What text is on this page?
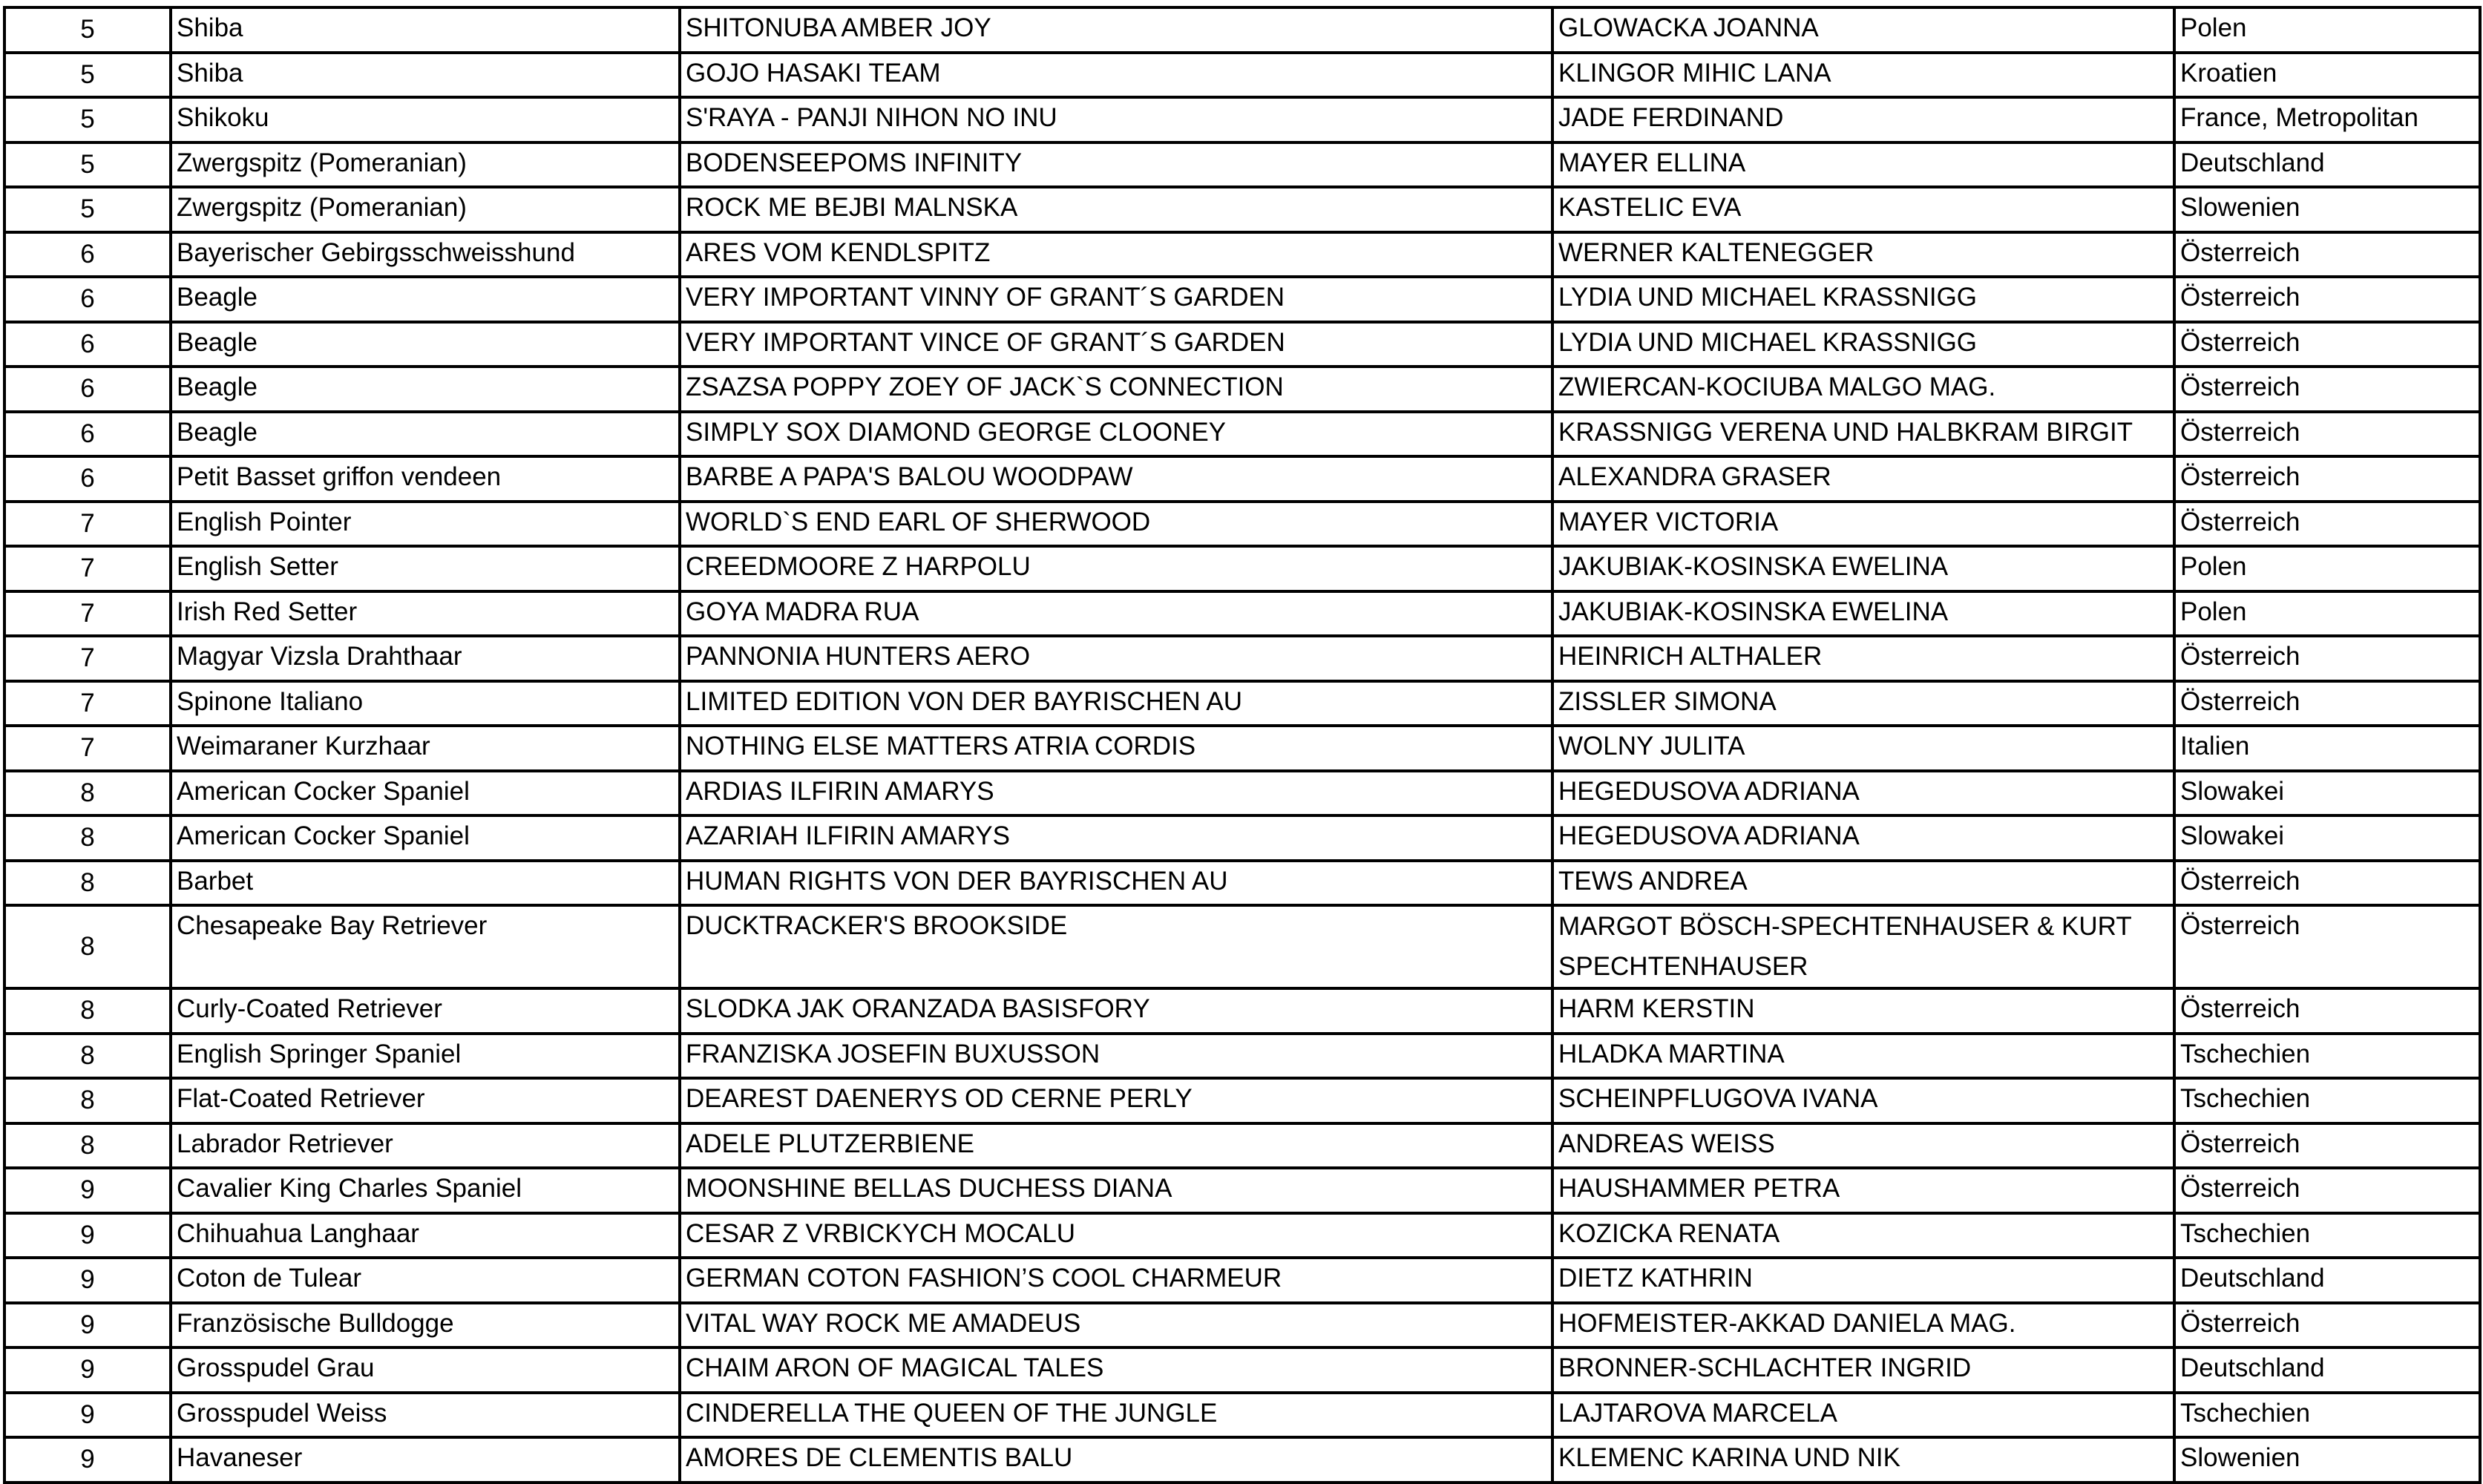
5	Shiba	SHITONUBA AMBER JOY	GLOWACKA JOANNA	Polen
5	Shiba	GOJO HASAKI TEAM	KLINGOR MIHIC LANA	Kroatien
5	Shikoku	S'RAYA - PANJI NIHON NO INU	JADE FERDINAND	France, Metropolitan
5	Zwergspitz (Pomeranian)	BODENSEEPOMS INFINITY	MAYER ELLINA	Deutschland
5	Zwergspitz (Pomeranian)	ROCK ME BEJBI MALNSKA	KASTELIC EVA	Slowenien
6	Bayerischer Gebirgsschweisshund	ARES VOM KENDLSPITZ	WERNER KALTENEGGER	Österreich
6	Beagle	VERY IMPORTANT VINNY OF GRANT´S GARDEN	LYDIA UND MICHAEL KRASSNIGG	Österreich
6	Beagle	VERY IMPORTANT VINCE OF GRANT´S GARDEN	LYDIA UND MICHAEL KRASSNIGG	Österreich
6	Beagle	ZSAZSA POPPY ZOEY OF JACK`S CONNECTION	ZWIERCAN-KOCIUBA MALGO MAG.	Österreich
6	Beagle	SIMPLY SOX DIAMOND GEORGE CLOONEY	KRASSNIGG VERENA UND HALBKRAM BIRGIT	Österreich
6	Petit Basset griffon vendeen	BARBE A PAPA'S BALOU WOODPAW	ALEXANDRA GRASER	Österreich
7	English Pointer	WORLD`S END EARL OF SHERWOOD	MAYER VICTORIA	Österreich
7	English Setter	CREEDMOORE Z HARPOLU	JAKUBIAK-KOSINSKA EWELINA	Polen
7	Irish Red Setter	GOYA MADRA RUA	JAKUBIAK-KOSINSKA EWELINA	Polen
7	Magyar Vizsla Drahthaar	PANNONIA HUNTERS AERO	HEINRICH ALTHALER	Österreich
7	Spinone Italiano	LIMITED EDITION VON DER BAYRISCHEN AU	ZISSLER SIMONA	Österreich
7	Weimaraner Kurzhaar	NOTHING ELSE MATTERS ATRIA CORDIS	WOLNY JULITA	Italien
8	American Cocker Spaniel	ARDIAS ILFIRIN AMARYS	HEGEDUSOVA ADRIANA	Slowakei
8	American Cocker Spaniel	AZARIAH ILFIRIN AMARYS	HEGEDUSOVA ADRIANA	Slowakei
8	Barbet	HUMAN RIGHTS VON DER BAYRISCHEN AU	TEWS ANDREA	Österreich
8	Chesapeake Bay Retriever	DUCKTRACKER'S BROOKSIDE	MARGOT BÖSCH-SPECHTENHAUSER & KURT SPECHTENHAUSER	Österreich
8	Curly-Coated Retriever	SLODKA JAK ORANZADA BASISFORY	HARM KERSTIN	Österreich
8	English Springer Spaniel	FRANZISKA JOSEFIN BUXUSSON	HLADKA MARTINA	Tschechien
8	Flat-Coated Retriever	DEAREST DAENERYS OD CERNE PERLY	SCHEINPFLUGOVA IVANA	Tschechien
8	Labrador Retriever	ADELE PLUTZERBIENE	ANDREAS WEISS	Österreich
9	Cavalier King Charles Spaniel	MOONSHINE BELLAS DUCHESS DIANA	HAUSHAMMER PETRA	Österreich
9	Chihuahua Langhaar	CESAR Z VRBICKYCH MOCALU	KOZICKA RENATA	Tschechien
9	Coton de Tulear	GERMAN COTON FASHION’S COOL CHARMEUR	DIETZ KATHRIN	Deutschland
9	Französische Bulldogge	VITAL WAY ROCK ME AMADEUS	HOFMEISTER-AKKAD DANIELA MAG.	Österreich
9	Grosspudel Grau	CHAIM ARON OF MAGICAL TALES	BRONNER-SCHLACHTER INGRID	Deutschland
9	Grosspudel Weiss	CINDERELLA THE QUEEN OF THE JUNGLE	LAJTAROVA MARCELA	Tschechien
9	Havaneser	AMORES DE CLEMENTIS BALU	KLEMENC KARINA UND NIK	Slowenien
